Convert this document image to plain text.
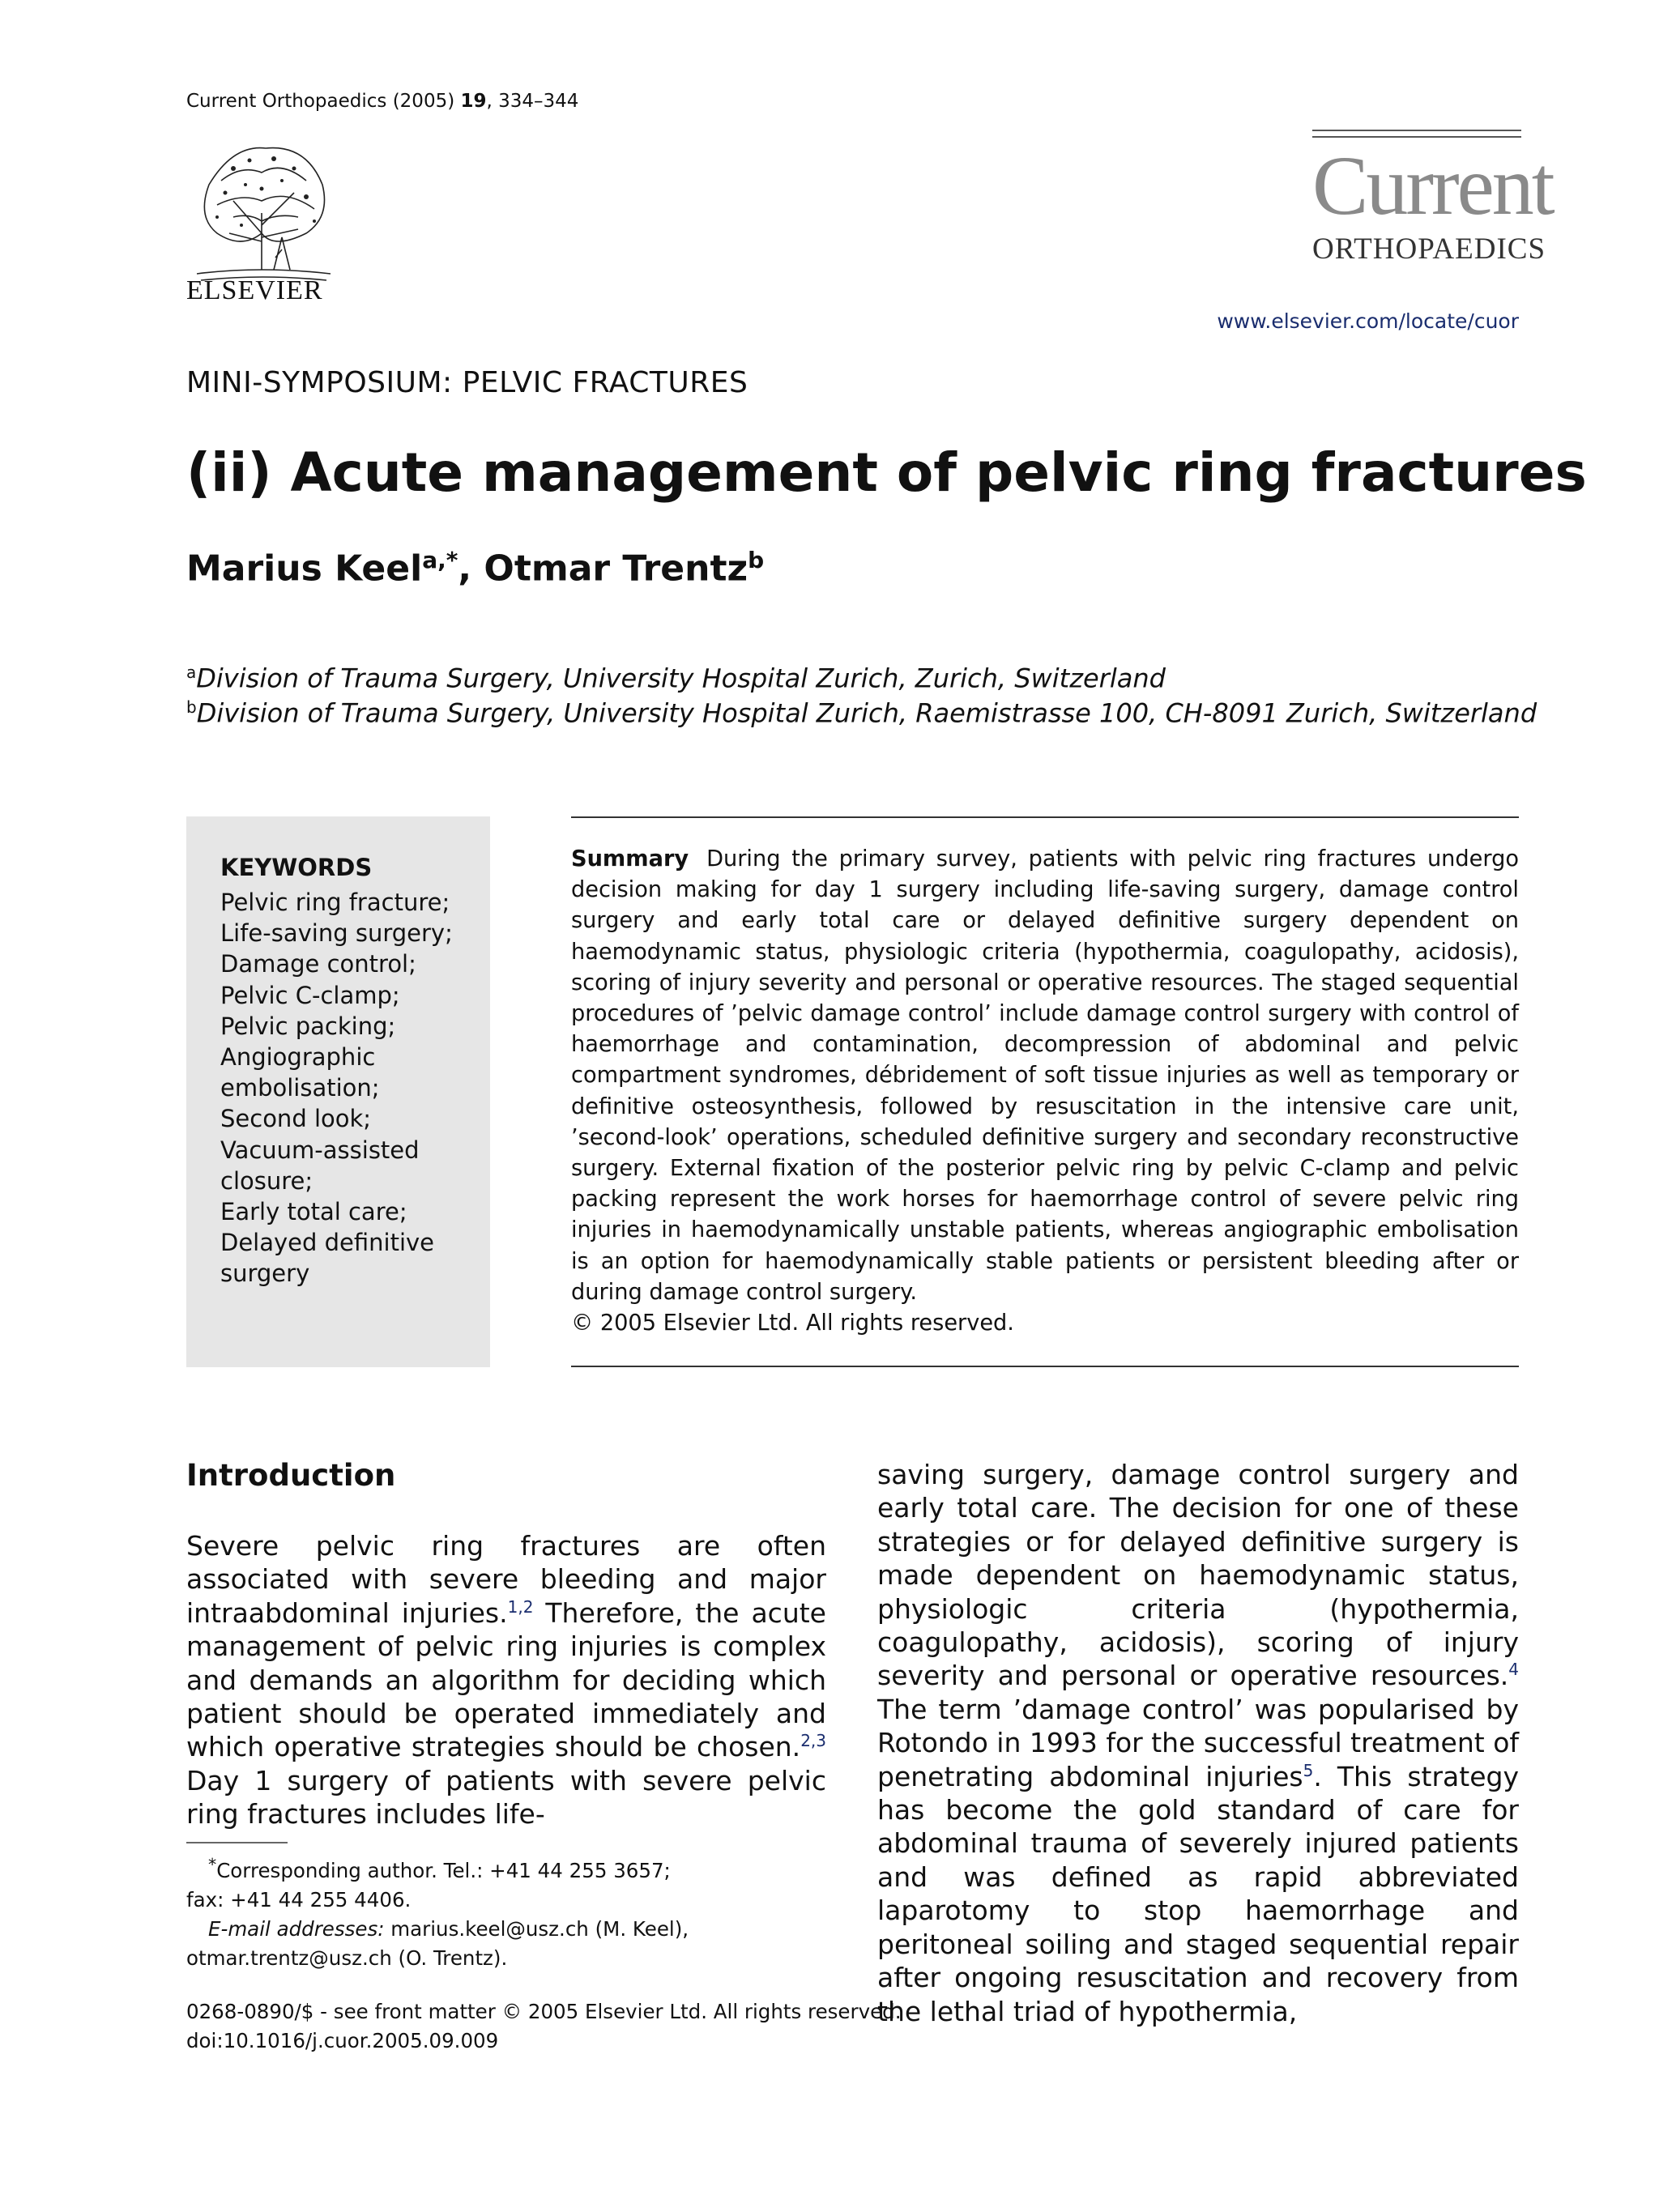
Current Orthopaedics (2005) 19, 334–344
ELSEVIER
Current
ORTHOPAEDICS
www.elsevier.com/locate/cuor
MINI-SYMPOSIUM: PELVIC FRACTURES
(ii) Acute management of pelvic ring fractures
Marius Keel$^{a,*}$, Otmar Trentz$^b$
$^a$Division of Trauma Surgery, University Hospital Zurich, Zurich, Switzerland
$^b$Division of Trauma Surgery, University Hospital Zurich, Raemistrasse 100, CH-8091 Zurich, Switzerland
KEYWORDS
Pelvic ring fracture;
Life-saving surgery;
Damage control;
Pelvic C-clamp;
Pelvic packing;
Angiographic
embolisation;
Second look;
Vacuum-assisted
closure;
Early total care;
Delayed definitive
surgery
Summary During the primary survey, patients with pelvic ring fractures undergo decision making for day 1 surgery including life-saving surgery, damage control surgery and early total care or delayed definitive surgery dependent on haemodynamic status, physiologic criteria (hypothermia, coagulopathy, acidosis), scoring of injury severity and personal or operative resources. The staged sequential procedures of ’pelvic damage control’ include damage control surgery with control of haemorrhage and contamination, decompression of abdominal and pelvic compartment syndromes, débridement of soft tissue injuries as well as temporary or definitive osteosynthesis, followed by resuscitation in the intensive care unit, ’second-look’ operations, scheduled definitive surgery and secondary reconstructive surgery. External fixation of the posterior pelvic ring by pelvic C-clamp and pelvic packing represent the work horses for haemorrhage control of severe pelvic ring injuries in haemodynamically unstable patients, whereas angiographic embolisation is an option for haemodynamically stable patients or persistent bleeding after or during damage control surgery.
© 2005 Elsevier Ltd. All rights reserved.
Introduction
Severe pelvic ring fractures are often associated with severe bleeding and major intraabdominal injuries.$^{1,2}$ Therefore, the acute management of pelvic ring injuries is complex and demands an algorithm for deciding which patient should be operated immediately and which operative strategies should be chosen.$^{2,3}$ Day 1 surgery of patients with severe pelvic ring fractures includes life-
saving surgery, damage control surgery and early total care. The decision for one of these strategies or for delayed definitive surgery is made dependent on haemodynamic status, physiologic criteria (hypothermia, coagulopathy, acidosis), scoring of injury severity and personal or operative resources.$^4$ The term ’damage control’ was popularised by Rotondo in 1993 for the successful treatment of penetrating abdominal injuries$^5$. This strategy has become the gold standard of care for abdominal trauma of severely injured patients and was defined as rapid abbreviated laparotomy to stop haemorrhage and peritoneal soiling and staged sequential repair after ongoing resuscitation and recovery from the lethal triad of hypothermia,
*Corresponding author. Tel.: +41 44 255 3657;
fax: +41 44 255 4406.
E-mail addresses: marius.keel@usz.ch (M. Keel),
otmar.trentz@usz.ch (O. Trentz).
0268-0890/$ - see front matter © 2005 Elsevier Ltd. All rights reserved.
doi:10.1016/j.cuor.2005.09.009
